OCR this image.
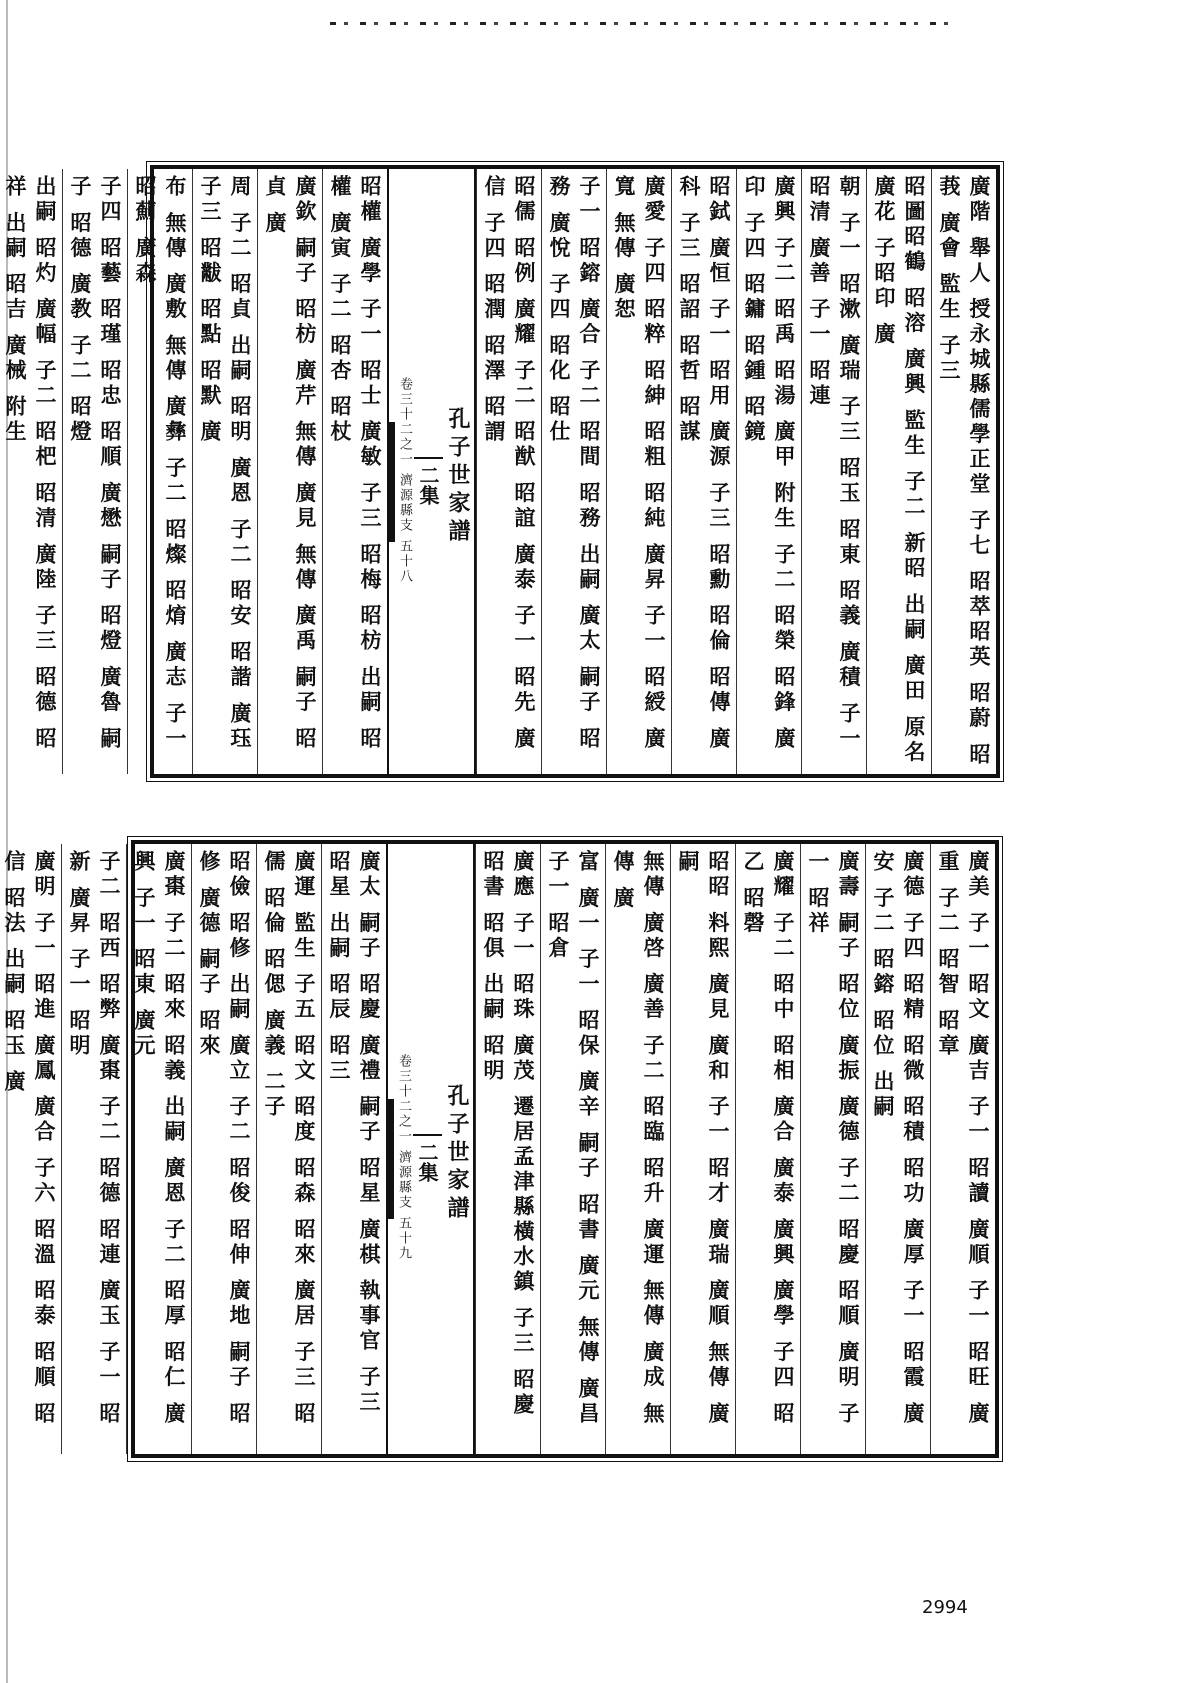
廣階 舉人 授永城縣儒學正堂 子七 昭萃昭英 昭蔚 昭莪 廣會 監生 子三
昭圖昭鶴 昭溶 廣興 監生 子二 新昭 出嗣 廣田 原名 廣花 子昭印 廣
朝 子一 昭漱 廣瑞 子三 昭玉 昭東 昭義 廣積 子一 昭清 廣善 子一 昭連
廣興 子二 昭禹 昭湯 廣甲 附生 子二 昭榮 昭鋒 廣印 子四 昭鏞 昭鍾 昭鏡
昭鉽 廣恒 子一 昭用 廣源 子三 昭勳 昭倫 昭傳 廣科 子三 昭詔 昭哲 昭謀
廣愛 子四 昭粹 昭紳 昭粗 昭純 廣昇 子一 昭綬 廣寬 無傳 廣恕
子一 昭鎔 廣合 子二 昭間 昭務 出嗣 廣太 嗣子 昭務 廣悅 子四 昭化 昭仕
昭儒 昭例 廣耀 子二 昭猷 昭誼 廣泰 子一 昭先 廣信 子四 昭潤 昭澤 昭謂
孔子世家譜
二集
卷三十二之一 濟源縣支 五十八
昭權 廣學 子一 昭士 廣敏 子三 昭梅 昭枋 出嗣 昭權 廣寅 子二 昭杏 昭杖
廣欽 嗣子 昭枋 廣芹 無傳 廣見 無傳 廣禹 嗣子 昭貞 廣
周 子二 昭貞 出嗣 昭明 廣恩 子二 昭安 昭諧 廣珏 子三 昭黻 昭點 昭默 廣
布 無傳 廣敷 無傳 廣彝 子二 昭燦 昭焴 廣志 子一 昭薊 廣森
子四 昭藝 昭瑾 昭忠 昭順 廣懋 嗣子 昭燈 廣魯 嗣子 昭德 廣教 子二 昭燈
出嗣 昭灼 廣幅 子二 昭杷 昭清 廣陸 子三 昭德 昭祥 出嗣 昭吉 廣械 附生
廣美 子一 昭文 廣吉 子一 昭讀 廣順 子一 昭旺 廣重 子二 昭智 昭章
廣德 子四 昭精 昭微 昭積 昭功 廣厚 子一 昭霞 廣安 子二 昭鎔 昭位 出嗣
廣壽 嗣子 昭位 廣振 廣德 子二 昭慶 昭順 廣明 子一 昭祥
廣耀 子二 昭中 昭相 廣合 廣泰 廣興 廣學 子四 昭乙 昭磬
昭昭 料熙 廣見 廣和 子一 昭才 廣瑞 廣順 無傳 廣嗣
無傳 廣啓 廣善 子二 昭臨 昭升 廣運 無傳 廣成 無傳 廣
富 廣一 子一 昭保 廣辛 嗣子 昭書 廣元 無傳 廣昌 子一 昭倉
廣應 子一 昭珠 廣茂 遷居孟津縣橫水鎮 子三 昭慶 昭書 昭俱 出嗣 昭明
孔子世家譜
二集
卷三十二之一 濟源縣支 五十九
廣太 嗣子 昭慶 廣禮 嗣子 昭星 廣棋 執事官 子三 昭星 出嗣 昭辰 昭三
廣運 監生 子五 昭文 昭度 昭森 昭來 廣居 子三 昭儒 昭倫 昭偲 廣義 二子
昭儉 昭修 出嗣 廣立 子二 昭俊 昭伸 廣地 嗣子 昭修 廣德 嗣子 昭來
廣棗 子二 昭來 昭義 出嗣 廣恩 子二 昭厚 昭仁 廣興 子一 昭東 廣元
子二 昭西 昭弊 廣棗 子二 昭德 昭連 廣玉 子一 昭新 廣昇 子一 昭明
廣明 子一 昭進 廣鳳 廣合 子六 昭溫 昭泰 昭順 昭信 昭法 出嗣 昭玉 廣
2994
